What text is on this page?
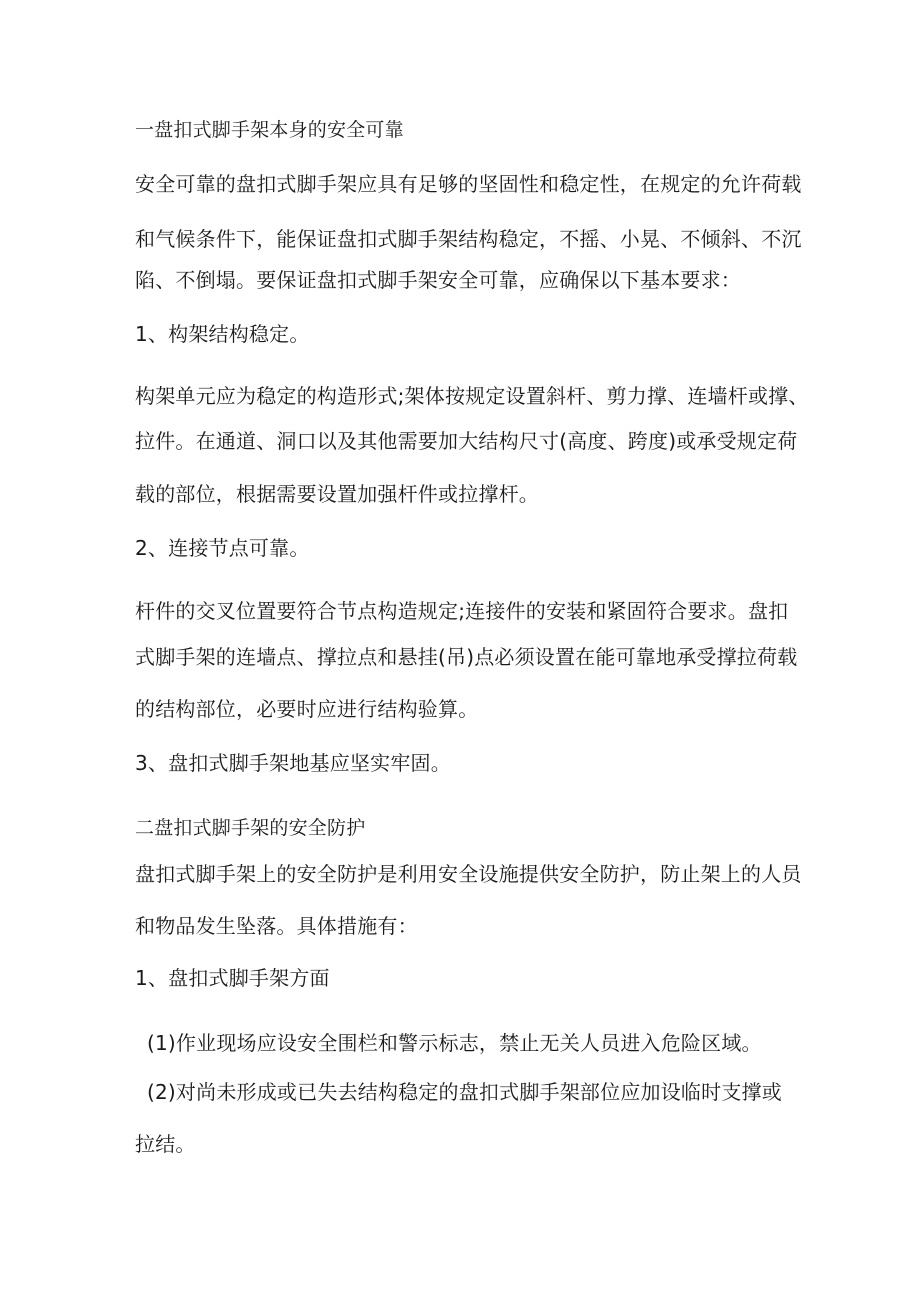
一盘扣式脚手架本身的安全可靠
安全可靠的盘扣式脚手架应具有足够的坚固性和稳定性，在规定的允许荷载
和气候条件下，能保证盘扣式脚手架结构稳定，不摇、小晃、不倾斜、不沉
陷、不倒塌。要保证盘扣式脚手架安全可靠，应确保以下基本要求：
1、构架结构稳定。
构架单元应为稳定的构造形式;架体按规定设置斜杆、剪力撑、连墙杆或撑、
拉件。在通道、洞口以及其他需要加大结构尺寸(高度、跨度)或承受规定荷
载的部位，根据需要设置加强杆件或拉撑杆。
2、连接节点可靠。
杆件的交叉位置要符合节点构造规定;连接件的安装和紧固符合要求。盘扣
式脚手架的连墙点、撑拉点和悬挂(吊)点必须设置在能可靠地承受撑拉荷载
的结构部位，必要时应进行结构验算。
3、盘扣式脚手架地基应坚实牢固。
二盘扣式脚手架的安全防护
盘扣式脚手架上的安全防护是利用安全设施提供安全防护，防止架上的人员
和物品发生坠落。具体措施有：
1、盘扣式脚手架方面
(1)作业现场应设安全围栏和警示标志，禁止无关人员进入危险区域。
(2)对尚未形成或已失去结构稳定的盘扣式脚手架部位应加设临时支撑或
拉结。
